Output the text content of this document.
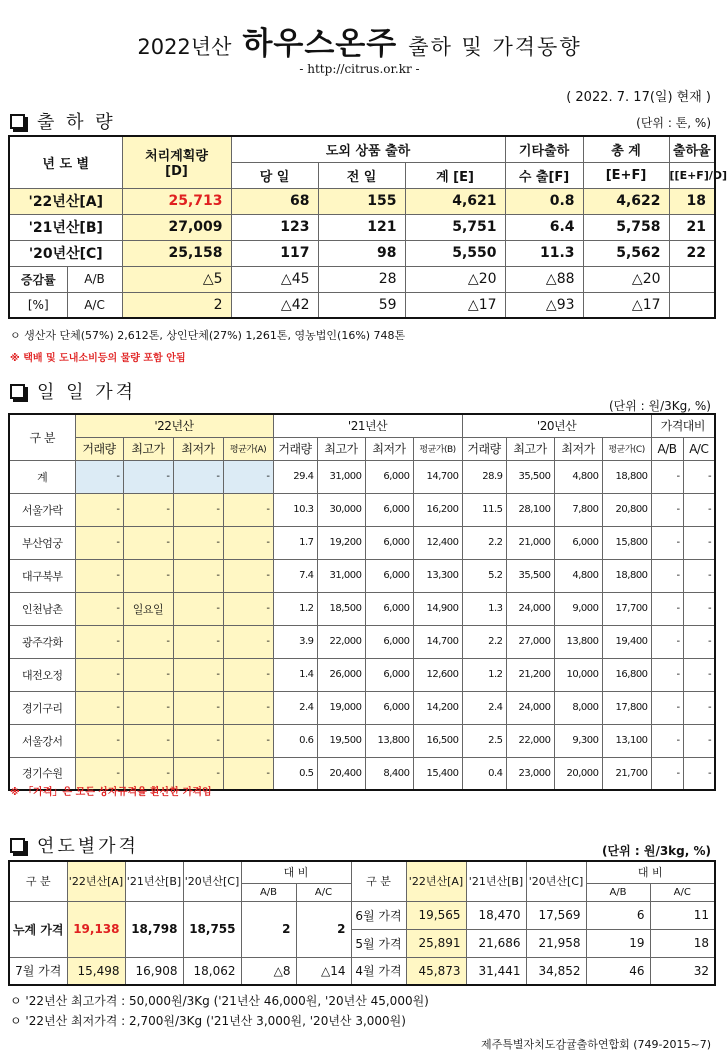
2022년산 하우스온주 출하 및 가격동향
- http://citrus.or.kr -
( 2022. 7. 17(일) 현재 )
출 하 량	(단위 : 톤, %)
년 도 별		처리계획량
[D]	도외 상품 출하			기타출하	총 계	출하율
			당 일	전 일	계 [E]	수 출[F]	[E+F]	[[E+F]/D]
'22년산[A]		25,713	68	155	4,621	0.8	4,622	18
'21년산[B]		27,009	123	121	5,751	6.4	5,758	21
'20년산[C]		25,158	117	98	5,550	11.3	5,562	22
증감률	A/B	△5	△45	28	△20	△88	△20	
[%]	A/C	2	△42	59	△17	△93	△17	
ㅇ 생산자 단체(57%) 2,612톤, 상인단체(27%) 1,261톤, 영농법인(16%) 748톤
※ 택배 및 도내소비등의 물량 포함 안됨
일 일 가격
(단위 : 원/3Kg, %)
구 분	'22년산				'21년산				'20년산				가격대비	
	거래량	최고가	최저가	평균가(A)	거래량	최고가	최저가	평균가(B)	거래량	최고가	최저가	평균가(C)	A/B	A/C
계	-	-	-	-	29.4	31,000	6,000	14,700	28.9	35,500	4,800	18,800	-	-
서울가락	-	-	-	-	10.3	30,000	6,000	16,200	11.5	28,100	7,800	20,800	-	-
부산엄궁	-	-	-	-	1.7	19,200	6,000	12,400	2.2	21,000	6,000	15,800	-	-
대구북부	-	-	-	-	7.4	31,000	6,000	13,300	5.2	35,500	4,800	18,800	-	-
인천남촌	-	일요일	-	-	1.2	18,500	6,000	14,900	1.3	24,000	9,000	17,700	-	-
광주각화	-	-	-	-	3.9	22,000	6,000	14,700	2.2	27,000	13,800	19,400	-	-
대전오정	-	-	-	-	1.4	26,000	6,000	12,600	1.2	21,200	10,000	16,800	-	-
경기구리	-	-	-	-	2.4	19,000	6,000	14,200	2.4	24,000	8,000	17,800	-	-
서울강서	-	-	-	-	0.6	19,500	13,800	16,500	2.5	22,000	9,300	13,100	-	-
경기수원	-	-	-	-	0.5	20,400	8,400	15,400	0.4	23,000	20,000	21,700	-	-
※ 「가격」은 모든 상자규격을 환산한 가격임
연도별가격	(단위 : 원/3kg, %)
구 분	'22년산[A]	'21년산[B]	'20년산[C]	대 비		구 분	'22년산[A]	'21년산[B]	'20년산[C]	대 비	
				A/B	A/C					A/B	A/C
누계 가격	19,138	18,798	18,755	2	2	6월 가격	19,565	18,470	17,569	6	11
						5월 가격	25,891	21,686	21,958	19	18
7월 가격	15,498	16,908	18,062	△8	△14	4월 가격	45,873	31,441	34,852	46	32
ㅇ '22년산 최고가격 : 50,000원/3Kg ('21년산 46,000원, '20년산 45,000원)
ㅇ '22년산 최저가격 : 2,700원/3Kg ('21년산 3,000원, '20년산 3,000원)
제주특별자치도감귤출하연합회 (749-2015~7)
